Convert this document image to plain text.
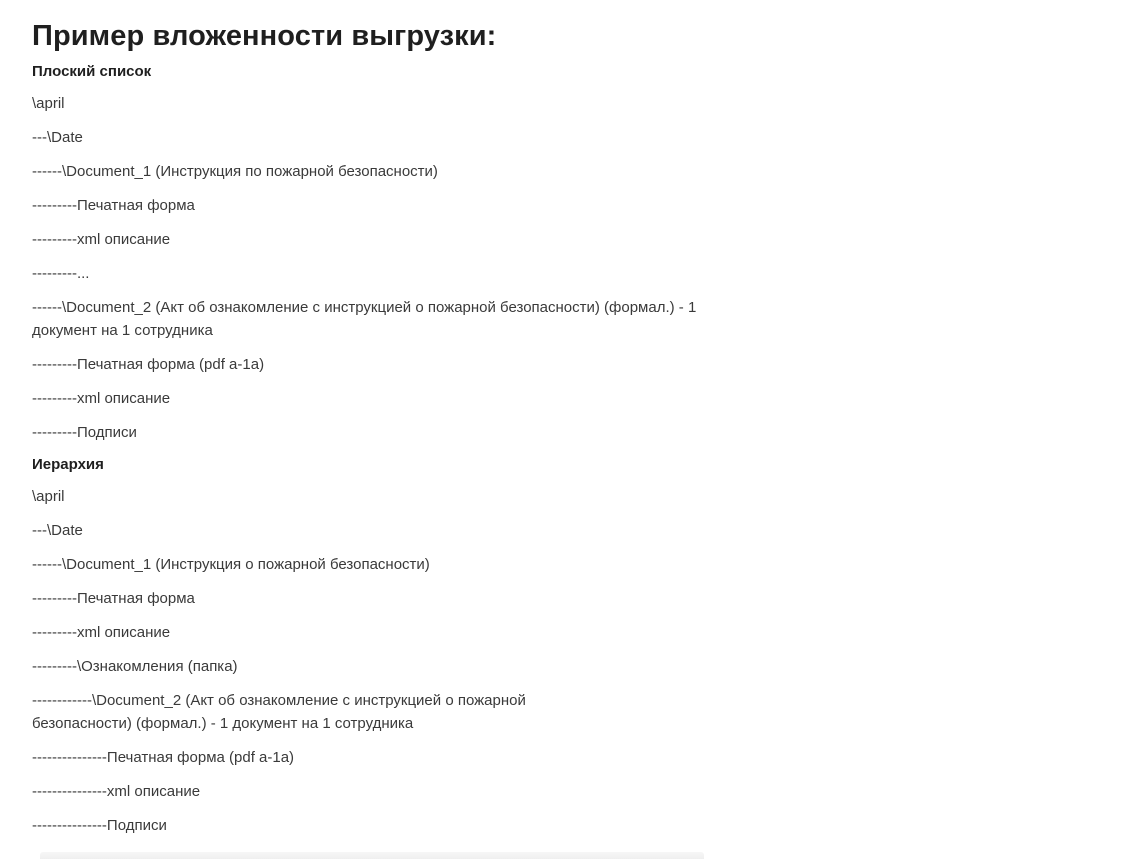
Пример вложенности выгрузки:
Плоский список

\april

---\Date

------\Document_1 (Инструкция по пожарной безопасности)

---------Печатная форма

---------xml описание

---------...

------\Document_2 (Акт об ознакомление с инструкцией о пожарной безопасности) (формал.) - 1 документ на 1 сотрудника

---------Печатная форма (pdf a-1a)

---------xml описание

---------Подписи

Иерархия

\april

---\Date

------\Document_1 (Инструкция о пожарной безопасности)

---------Печатная форма

---------xml описание

---------\Ознакомления (папка)

------------\Document_2 (Акт об ознакомление с инструкцией о пожарной безопасности) (формал.) - 1 документ на 1 сотрудника

---------------Печатная форма (pdf a-1a)

---------------xml описание

---------------Подписи
